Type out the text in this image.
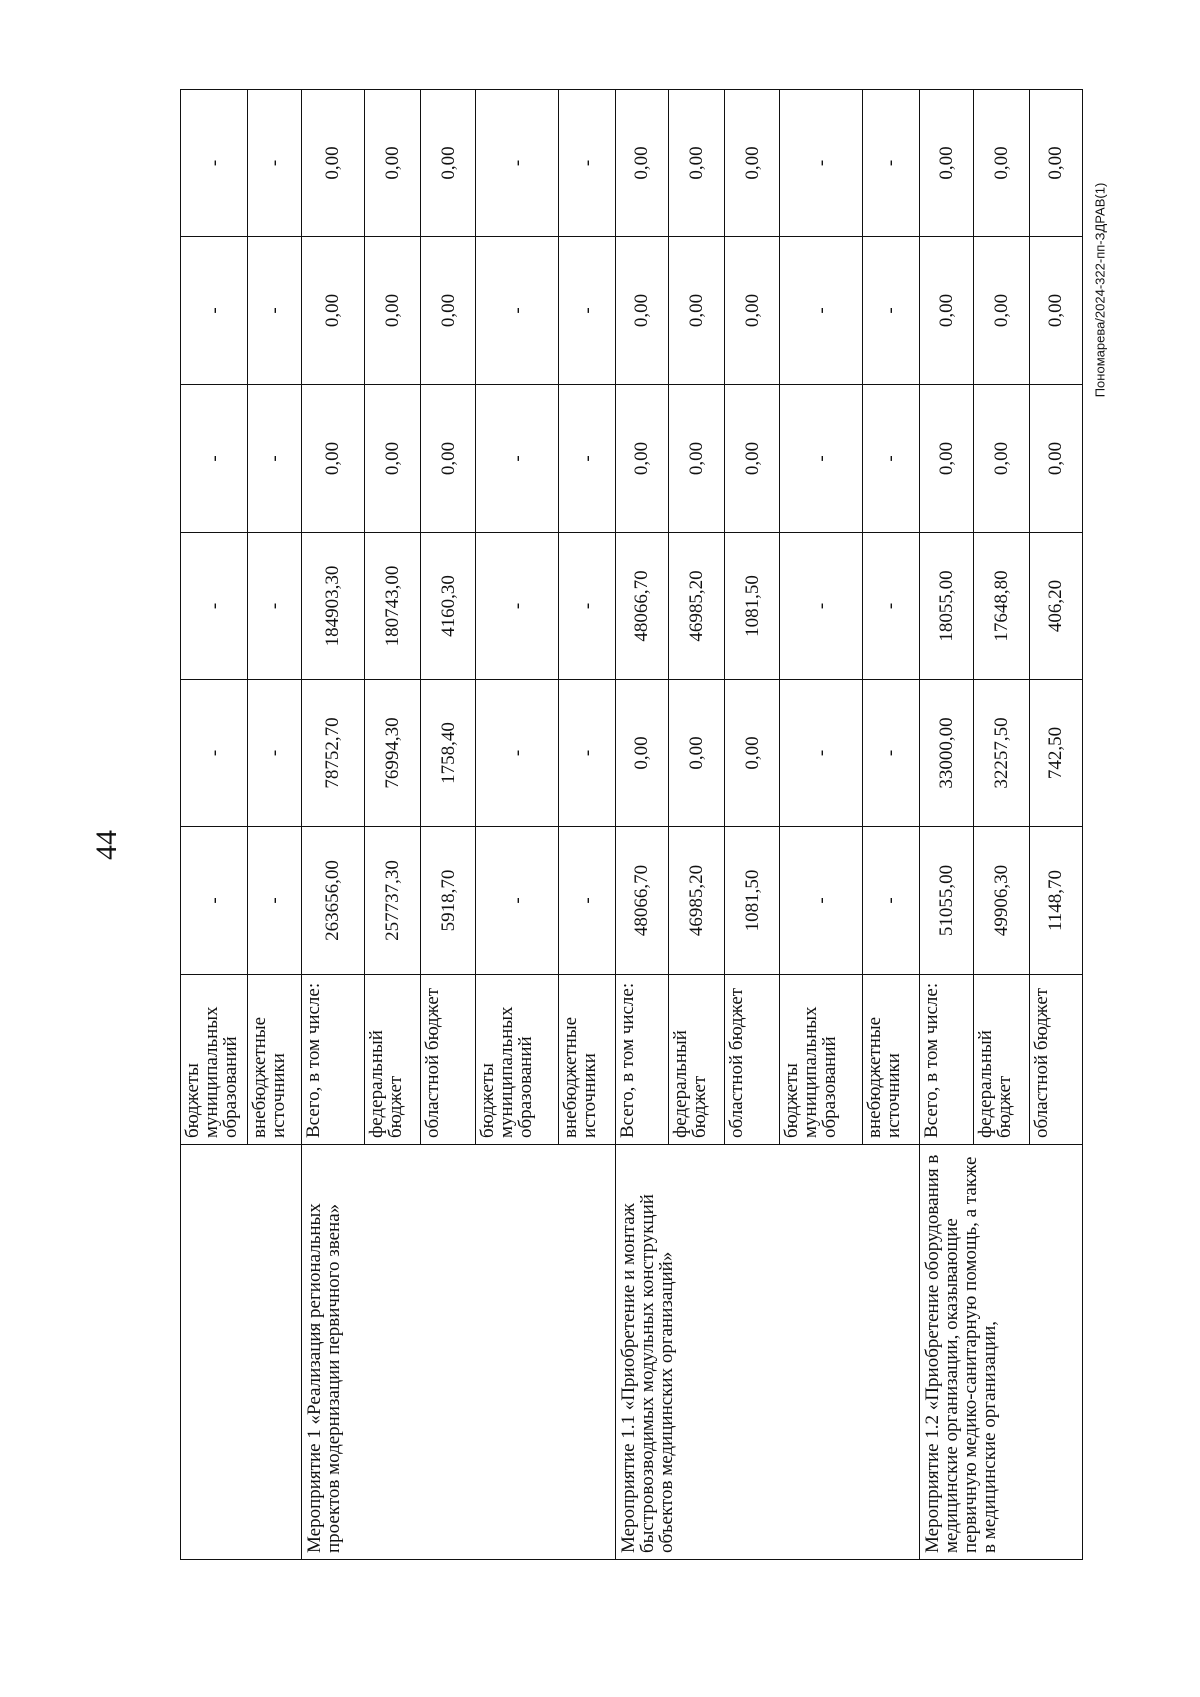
44
	бюджеты муниципальных образований	-	-	-	-	-	-
	внебюджетные источники	-	-	-	-	-	-
Мероприятие 1 «Реализация региональных проектов модернизации первичного звена»	Всего, в том числе:	263656,00	78752,70	184903,30	0,00	0,00	0,00
	федеральный бюджет	257737,30	76994,30	180743,00	0,00	0,00	0,00
	областной бюджет	5918,70	1758,40	4160,30	0,00	0,00	0,00
	бюджеты муниципальных образований	-	-	-	-	-	-
	внебюджетные источники	-	-	-	-	-	-
Мероприятие 1.1 «Приобретение и монтаж быстровозводимых модульных конструкций объектов медицинских организаций»	Всего, в том числе:	48066,70	0,00	48066,70	0,00	0,00	0,00
	федеральный бюджет	46985,20	0,00	46985,20	0,00	0,00	0,00
	областной бюджет	1081,50	0,00	1081,50	0,00	0,00	0,00
	бюджеты муниципальных образований	-	-	-	-	-	-
	внебюджетные источники	-	-	-	-	-	-
Мероприятие 1.2 «Приобретение оборудования в медицинские организации, оказывающие первичную медико-санитарную помощь, а также в медицинские организации,	Всего, в том числе:	51055,00	33000,00	18055,00	0,00	0,00	0,00
	федеральный бюджет	49906,30	32257,50	17648,80	0,00	0,00	0,00
	областной бюджет	1148,70	742,50	406,20	0,00	0,00	0,00
Пономарева/2024-322-пп-ЗДРАВ(1)
